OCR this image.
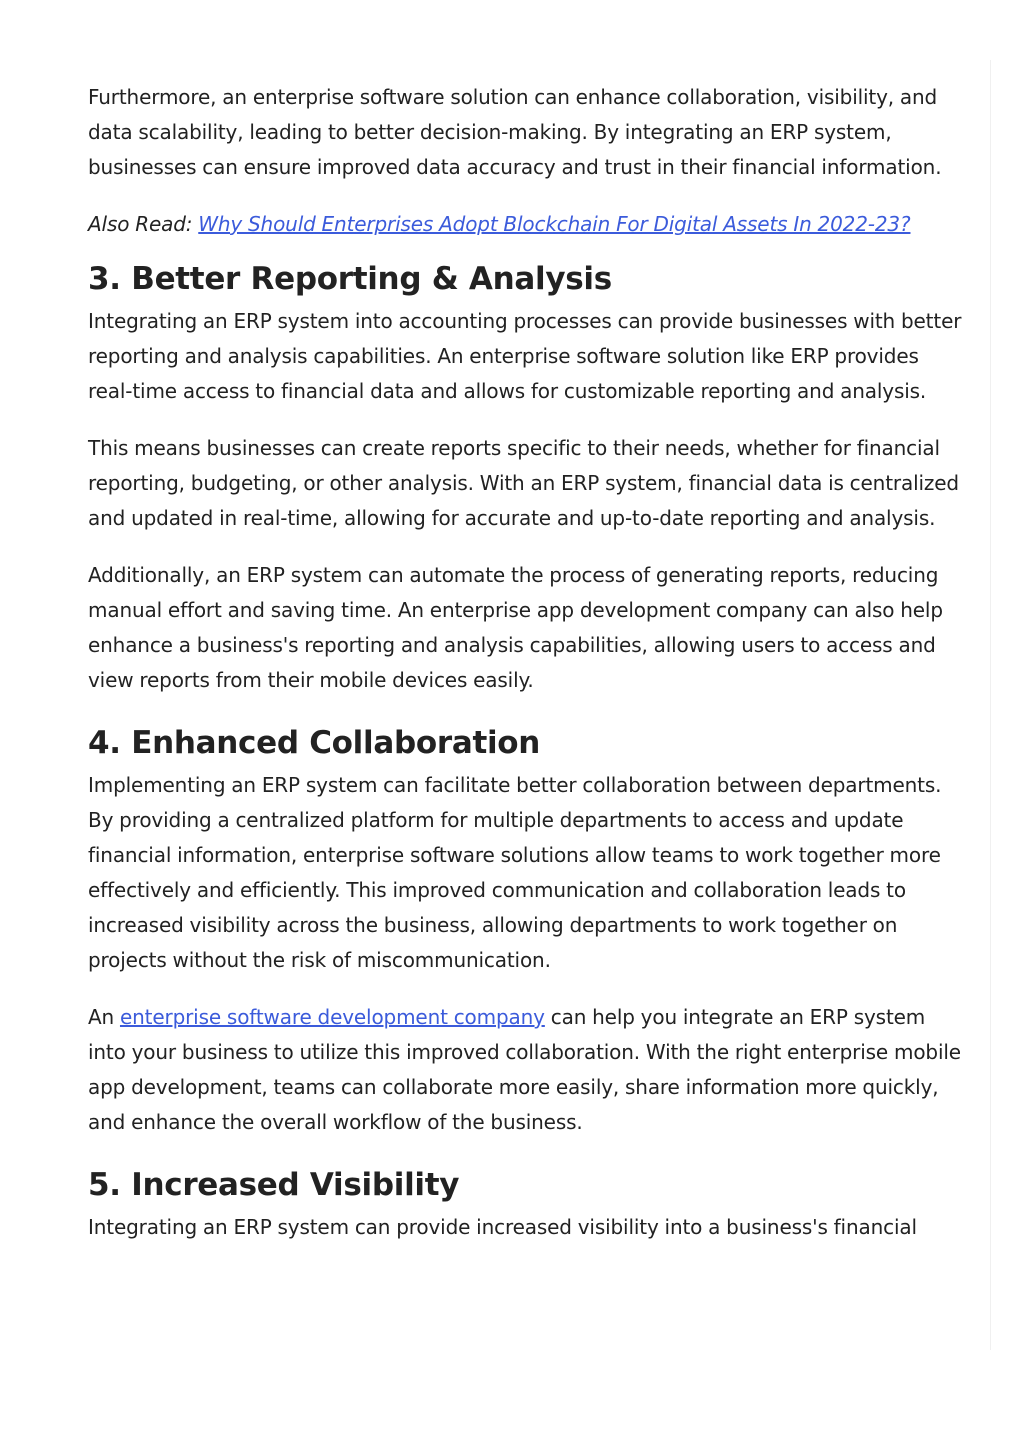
Furthermore, an enterprise software solution can enhance collaboration, visibility, and data scalability, leading to better decision-making. By integrating an ERP system, businesses can ensure improved data accuracy and trust in their financial information.

Also Read: Why Should Enterprises Adopt Blockchain For Digital Assets In 2022-23?

3. Better Reporting & Analysis

Integrating an ERP system into accounting processes can provide businesses with better reporting and analysis capabilities. An enterprise software solution like ERP provides real-time access to financial data and allows for customizable reporting and analysis.

This means businesses can create reports specific to their needs, whether for financial reporting, budgeting, or other analysis. With an ERP system, financial data is centralized and updated in real-time, allowing for accurate and up-to-date reporting and analysis.

Additionally, an ERP system can automate the process of generating reports, reducing manual effort and saving time. An enterprise app development company can also help enhance a business's reporting and analysis capabilities, allowing users to access and view reports from their mobile devices easily.

4. Enhanced Collaboration

Implementing an ERP system can facilitate better collaboration between departments. By providing a centralized platform for multiple departments to access and update financial information, enterprise software solutions allow teams to work together more effectively and efficiently. This improved communication and collaboration leads to increased visibility across the business, allowing departments to work together on projects without the risk of miscommunication.

An enterprise software development company can help you integrate an ERP system into your business to utilize this improved collaboration. With the right enterprise mobile app development, teams can collaborate more easily, share information more quickly, and enhance the overall workflow of the business.

5. Increased Visibility

Integrating an ERP system can provide increased visibility into a business's financial
